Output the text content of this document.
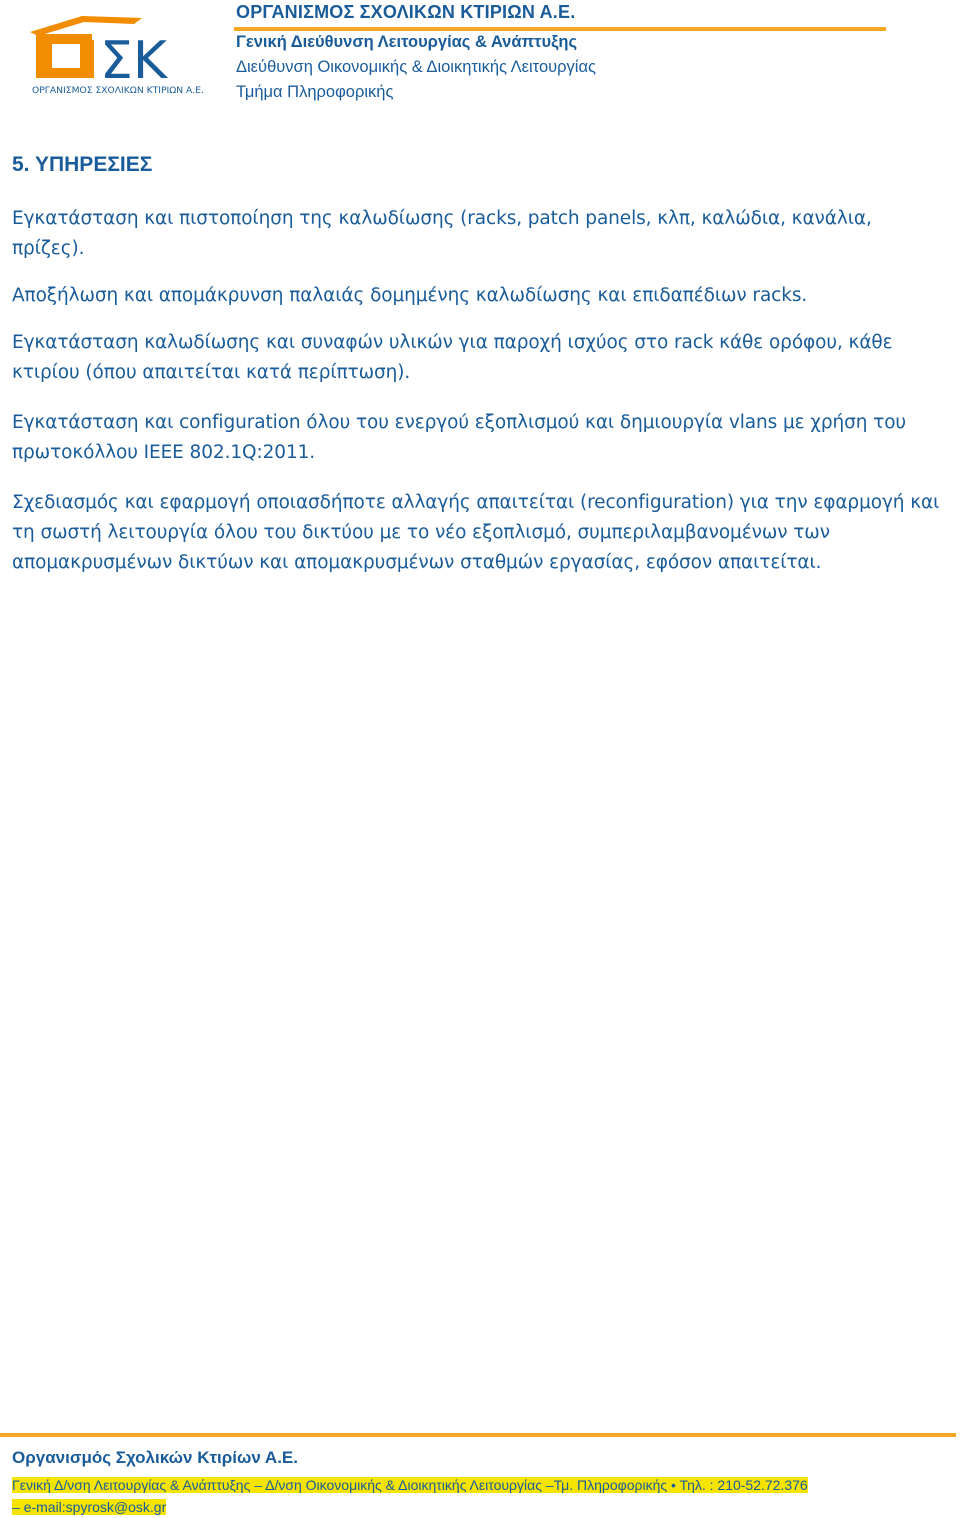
ΣΚ
ΟΡΓΑΝΙΣΜΟΣ ΣΧΟΛΙΚΩΝ ΚΤΙΡΙΩΝ Α.Ε.

ΟΡΓΑΝΙΣΜΟΣ ΣΧΟΛΙΚΩΝ ΚΤΙΡΙΩΝ Α.Ε.

Γενική Διεύθυνση Λειτουργίας & Ανάπτυξης

Διεύθυνση Οικονομικής & Διοικητικής Λειτουργίας

Τμήμα Πληροφορικής

5. ΥΠΗΡΕΣΙΕΣ

Εγκατάσταση και πιστοποίηση της καλωδίωσης (racks, patch panels, κλπ, καλώδια, κανάλια, πρίζες).

Αποξήλωση και απομάκρυνση παλαιάς δομημένης καλωδίωσης και επιδαπέδιων racks.

Εγκατάσταση καλωδίωσης και συναφών υλικών για παροχή ισχύος στο rack κάθε ορόφου, κάθε κτιρίου (όπου απαιτείται κατά περίπτωση).

Εγκατάσταση και configuration όλου του ενεργού εξοπλισμού και δημιουργία vlans με χρήση του πρωτοκόλλου IEEE 802.1Q:2011.

Σχεδιασμός και εφαρμογή οποιασδήποτε αλλαγής απαιτείται (reconfiguration) για την εφαρμογή και τη σωστή λειτουργία όλου του δικτύου με το νέο εξοπλισμό, συμπεριλαμβανομένων των απομακρυσμένων δικτύων και απομακρυσμένων σταθμών εργασίας, εφόσον απαιτείται.

Οργανισμός Σχολικών Κτιρίων Α.Ε.

Γενική Δ/νση Λειτουργίας & Ανάπτυξης – Δ/νση Οικονομικής & Διοικητικής Λειτουργίας –Τμ. Πληροφορικής • Τηλ. : 210-52.72.376 – e-mail:spyrosk@osk.gr
